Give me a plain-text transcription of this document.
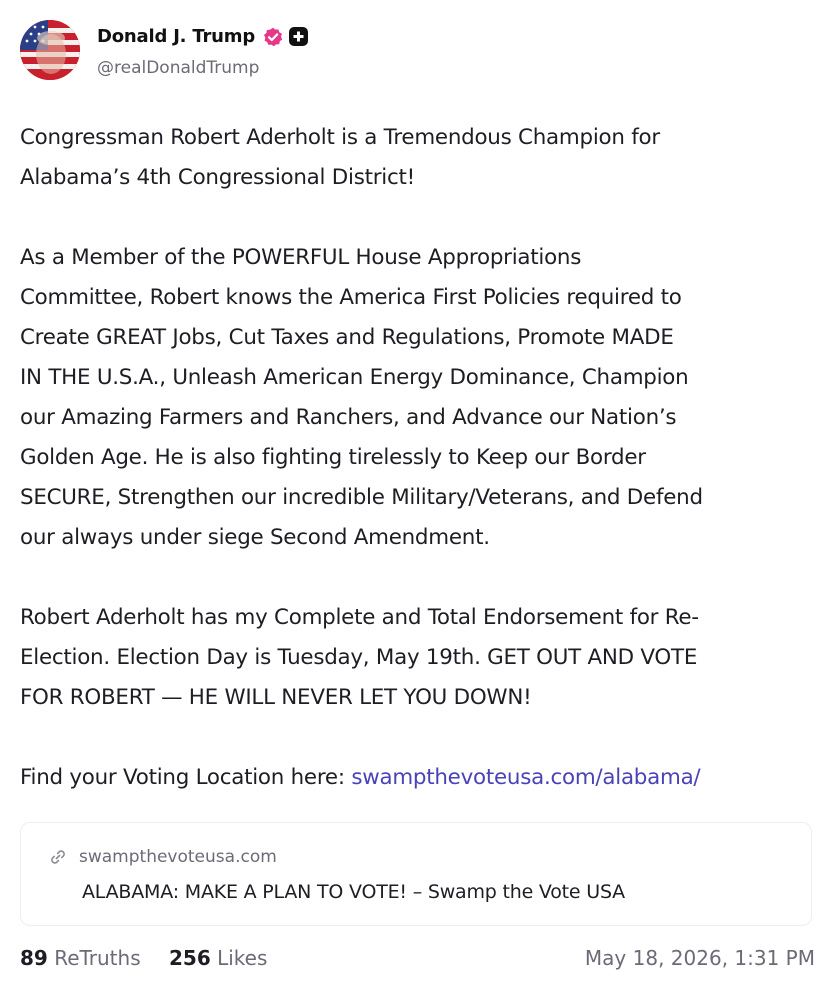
Donald J. Trump
@realDonaldTrump

Congressman Robert Aderholt is a Tremendous Champion for
Alabama’s 4th Congressional District!

As a Member of the POWERFUL House Appropriations
Committee, Robert knows the America First Policies required to
Create GREAT Jobs, Cut Taxes and Regulations, Promote MADE
IN THE U.S.A., Unleash American Energy Dominance, Champion
our Amazing Farmers and Ranchers, and Advance our Nation’s
Golden Age. He is also fighting tirelessly to Keep our Border
SECURE, Strengthen our incredible Military/Veterans, and Defend
our always under siege Second Amendment.

Robert Aderholt has my Complete and Total Endorsement for Re-
Election. Election Day is Tuesday, May 19th. GET OUT AND VOTE
FOR ROBERT — HE WILL NEVER LET YOU DOWN!

Find your Voting Location here: swampthevoteusa.com/alabama/

swampthevoteusa.com
ALABAMA: MAKE A PLAN TO VOTE! – Swamp the Vote USA
89 ReTruths 256 Likes	May 18, 2026, 1:31 PM
